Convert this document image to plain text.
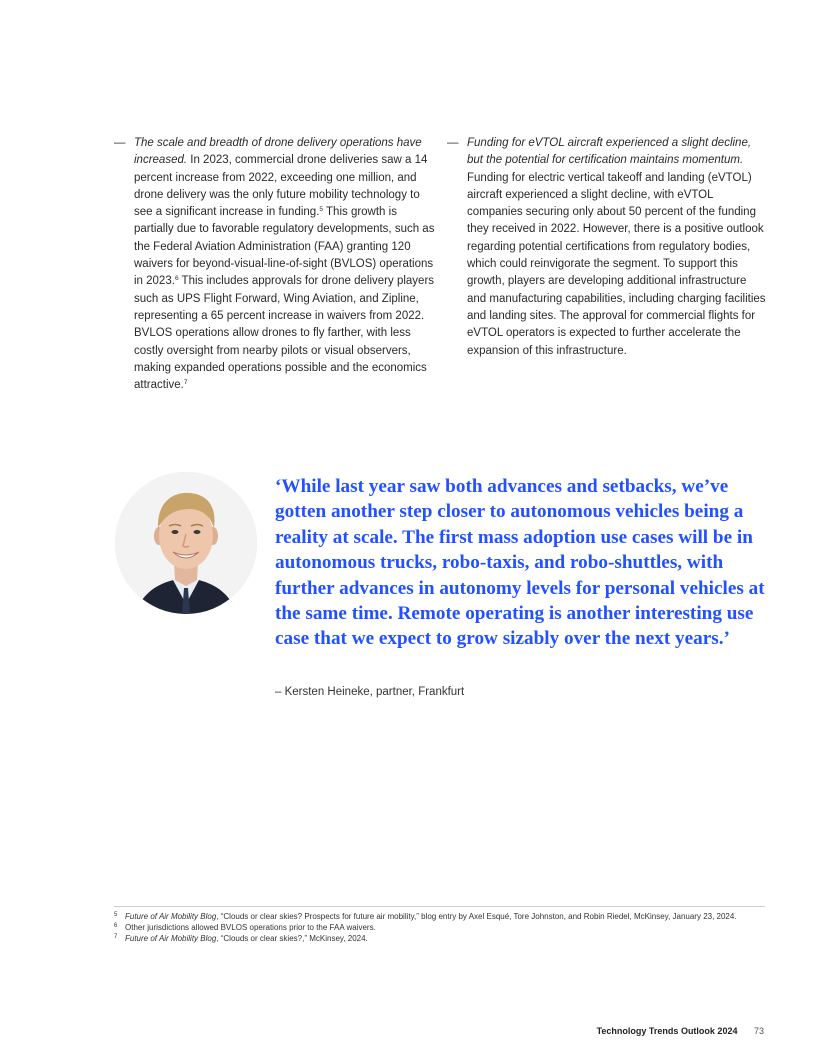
— The scale and breadth of drone delivery operations have increased. In 2023, commercial drone deliveries saw a 14 percent increase from 2022, exceeding one million, and drone delivery was the only future mobility technology to see a significant increase in funding.$^5$ This growth is partially due to favorable regulatory developments, such as the Federal Aviation Administration (FAA) granting 120 waivers for beyond-visual-line-of-sight (BVLOS) operations in 2023.$^6$ This includes approvals for drone delivery players such as UPS Flight Forward, Wing Aviation, and Zipline, representing a 65 percent increase in waivers from 2022. BVLOS operations allow drones to fly farther, with less costly oversight from nearby pilots or visual observers, making expanded operations possible and the economics attractive.$^7$

— Funding for eVTOL aircraft experienced a slight decline, but the potential for certification maintains momentum. Funding for electric vertical takeoff and landing (eVTOL) aircraft experienced a slight decline, with eVTOL companies securing only about 50 percent of the funding they received in 2022. However, there is a positive outlook regarding potential certifications from regulatory bodies, which could reinvigorate the segment. To support this growth, players are developing additional infrastructure and manufacturing capabilities, including charging facilities and landing sites. The approval for commercial flights for eVTOL operators is expected to further accelerate the expansion of this infrastructure.

‘While last year saw both advances and setbacks, we’ve gotten another step closer to autonomous vehicles being a reality at scale. The first mass adoption use cases will be in autonomous trucks, robo-taxis, and robo-shuttles, with further advances in autonomy levels for personal vehicles at the same time. Remote operating is another interesting use case that we expect to grow sizably over the next years.’
– Kersten Heineke, partner, Frankfurt
5 Future of Air Mobility Blog, “Clouds or clear skies? Prospects for future air mobility,” blog entry by Axel Esqué, Tore Johnston, and Robin Riedel, McKinsey, January 23, 2024.
6 Other jurisdictions allowed BVLOS operations prior to the FAA waivers.
7 Future of Air Mobility Blog, “Clouds or clear skies?,” McKinsey, 2024.
Technology Trends Outlook 2024 73
